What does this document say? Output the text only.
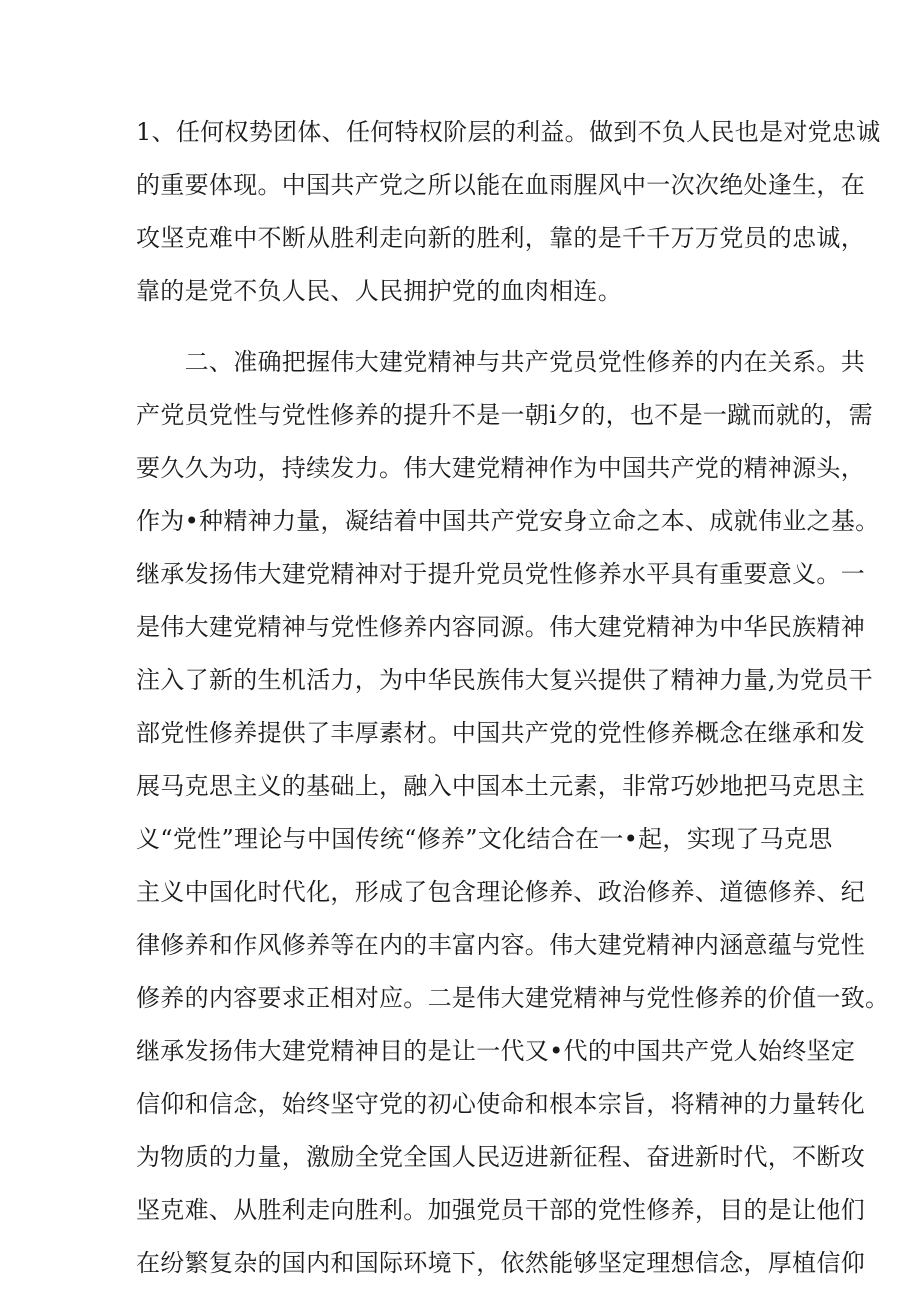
1、任何权势团体、任何特权阶层的利益。做到不负人民也是对党忠诚
的重要体现。中国共产党之所以能在血雨腥风中一次次绝处逢生，在
攻坚克难中不断从胜利走向新的胜利，靠的是千千万万党员的忠诚，
靠的是党不负人民、人民拥护党的血肉相连。
　　二、准确把握伟大建党精神与共产党员党性修养的内在关系。共
产党员党性与党性修养的提升不是一朝i夕的，也不是一蹴而就的，需
要久久为功，持续发力。伟大建党精神作为中国共产党的精神源头，
作为•种精神力量，凝结着中国共产党安身立命之本、成就伟业之基。
继承发扬伟大建党精神对于提升党员党性修养水平具有重要意义。一
是伟大建党精神与党性修养内容同源。伟大建党精神为中华民族精神
注入了新的生机活力，为中华民族伟大复兴提供了精神力量,为党员干
部党性修养提供了丰厚素材。中国共产党的党性修养概念在继承和发
展马克思主义的基础上，融入中国本土元素，非常巧妙地把马克思主
义“党性”理论与中国传统“修养”文化结合在一•起，实现了马克思
主义中国化时代化，形成了包含理论修养、政治修养、道德修养、纪
律修养和作风修养等在内的丰富内容。伟大建党精神内涵意蕴与党性
修养的内容要求正相对应。二是伟大建党精神与党性修养的价值一致。
继承发扬伟大建党精神目的是让一代又•代的中国共产党人始终坚定
信仰和信念，始终坚守党的初心使命和根本宗旨，将精神的力量转化
为物质的力量，激励全党全国人民迈进新征程、奋进新时代，不断攻
坚克难、从胜利走向胜利。加强党员干部的党性修养，目的是让他们
在纷繁复杂的国内和国际环境下，依然能够坚定理想信念，厚植信仰
